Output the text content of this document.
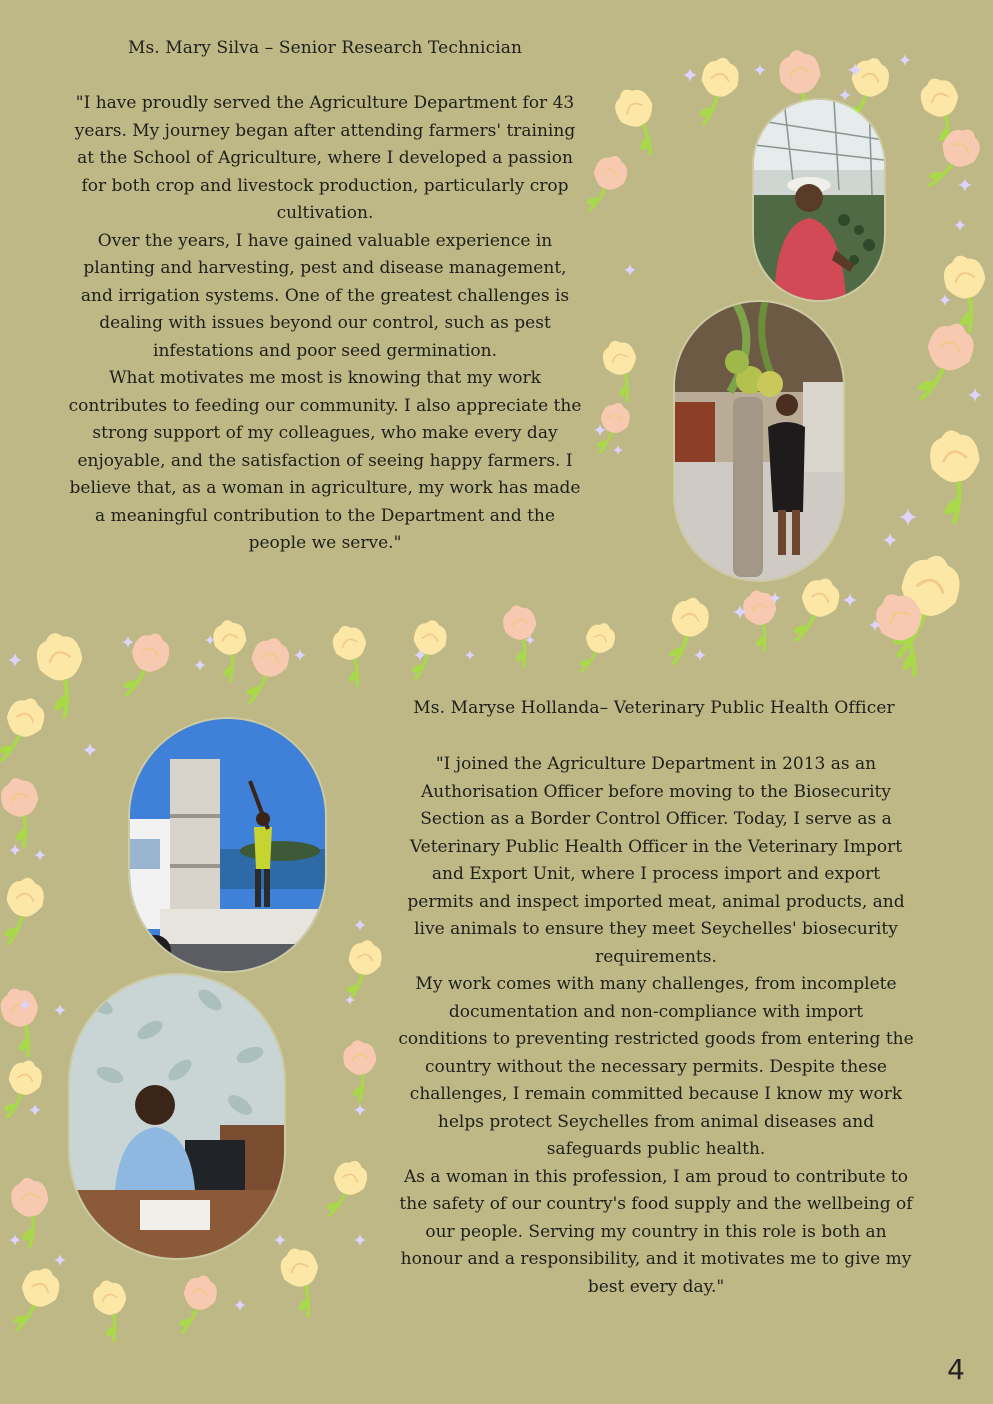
Ms. Mary Silva – Senior Research Technician
"I have proudly served the Agriculture Department for 43
years. My journey began after attending farmers' training
at the School of Agriculture, where I developed a passion
for both crop and livestock production, particularly crop
cultivation.
Over the years, I have gained valuable experience in
planting and harvesting, pest and disease management,
and irrigation systems. One of the greatest challenges is
dealing with issues beyond our control, such as pest
infestations and poor seed germination.
What motivates me most is knowing that my work
contributes to feeding our community. I also appreciate the
strong support of my colleagues, who make every day
enjoyable, and the satisfaction of seeing happy farmers. I
believe that, as a woman in agriculture, my work has made
a meaningful contribution to the Department and the
people we serve."
Ms. Maryse Hollanda– Veterinary Public Health Officer
"I joined the Agriculture Department in 2013 as an
Authorisation Officer before moving to the Biosecurity
Section as a Border Control Officer. Today, I serve as a
Veterinary Public Health Officer in the Veterinary Import
and Export Unit, where I process import and export
permits and inspect imported meat, animal products, and
live animals to ensure they meet Seychelles' biosecurity
requirements.
My work comes with many challenges, from incomplete
documentation and non-compliance with import
conditions to preventing restricted goods from entering the
country without the necessary permits. Despite these
challenges, I remain committed because I know my work
helps protect Seychelles from animal diseases and
safeguards public health.
As a woman in this profession, I am proud to contribute to
the safety of our country's food supply and the wellbeing of
our people. Serving my country in this role is both an
honour and a responsibility, and it motivates me to give my
best every day."
4
